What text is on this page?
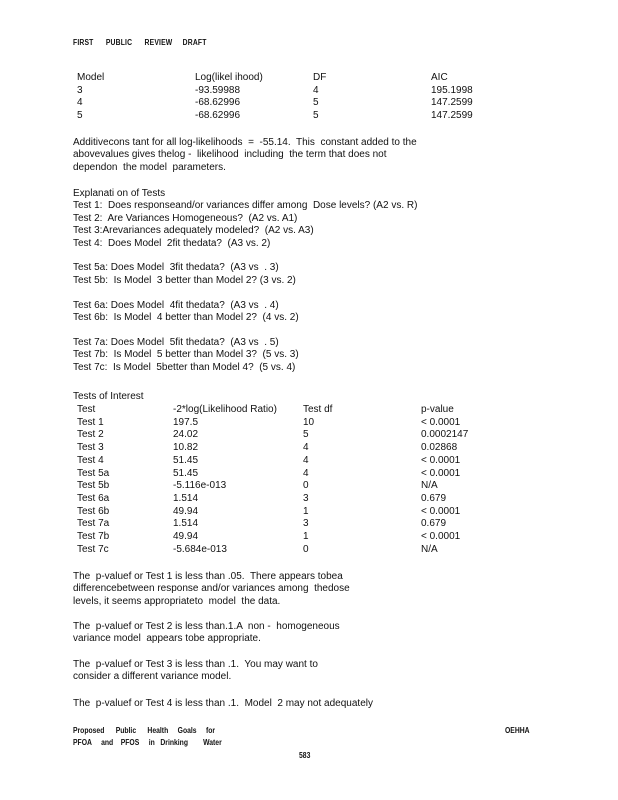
FIRST      PUBLIC      REVIEW     DRAFT
Model	Log(likel ihood)	DF	AIC
3	-93.59988	4	195.1998
4	-68.62996	5	147.2599
5	-68.62996	5	147.2599
Additivecons tant for all log-likelihoods  =  -55.14.  This  constant added to the
abovevalues gives thelog -  likelihood  including  the term that does not
dependon  the model  parameters.
Explanati on of Tests
Test 1:  Does responseand/or variances differ among  Dose levels? (A2 vs. R)
Test 2:  Are Variances Homogeneous?  (A2 vs. A1)
Test 3:Arevariances adequately modeled?  (A2 vs. A3)
Test 4:  Does Model  2fit thedata?  (A3 vs. 2)

Test 5a: Does Model  3fit thedata?  (A3 vs  . 3)
Test 5b:  Is Model  3 better than Model 2? (3 vs. 2)

Test 6a: Does Model  4fit thedata?  (A3 vs  . 4)
Test 6b:  Is Model  4 better than Model 2?  (4 vs. 2)

Test 7a: Does Model  5fit thedata?  (A3 vs  . 5)
Test 7b:  Is Model  5 better than Model 3?  (5 vs. 3)
Test 7c:  Is Model  5better than Model 4?  (5 vs. 4)
Tests of Interest
Test	-2*log(Likelihood Ratio)	Test df	p-value
Test 1	197.5	10	< 0.0001
Test 2	24.02	5	0.0002147
Test 3	10.82	4	0.02868
Test 4	51.45	4	< 0.0001
Test 5a	51.45	4	< 0.0001
Test 5b	-5.116e-013	0	N/A
Test 6a	1.514	3	0.679
Test 6b	49.94	1	< 0.0001
Test 7a	1.514	3	0.679
Test 7b	49.94	1	< 0.0001
Test 7c	-5.684e-013	0	N/A
The  p-valuef or Test 1 is less than .05.  There appears tobea
differencebetween response and/or variances among  thedose
levels, it seems appropriateto  model  the data.
The  p-valuef or Test 2 is less than.1.A  non -  homogeneous
variance model  appears tobe appropriate.
The  p-valuef or Test 3 is less than .1.  You may want to
consider a different variance model.
The  p-valuef or Test 4 is less than .1.  Model  2 may not adequately
Proposed      Public      Health     Goals     for
PFOA     and    PFOS     in   Drinking        Water
OEHHA
583
